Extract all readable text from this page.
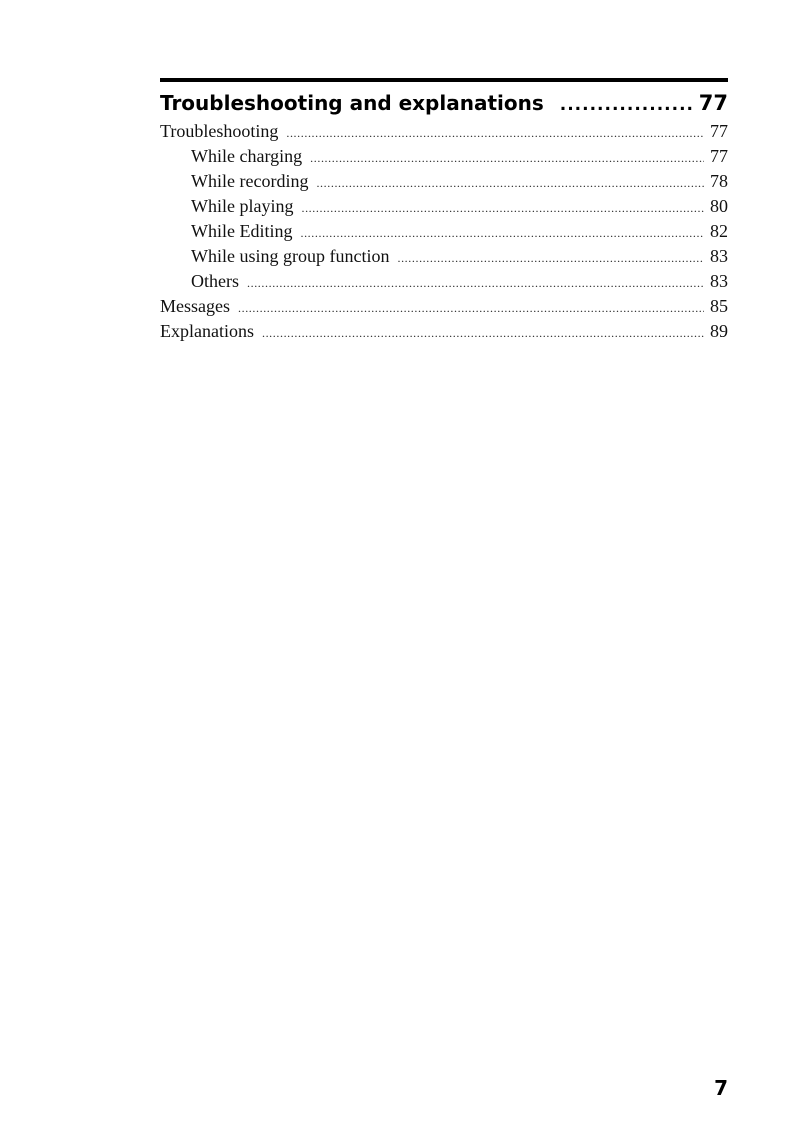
Troubleshooting and explanations .....	77
Troubleshooting .....	77
While charging .....	77
While recording .....	78
While playing .....	80
While Editing .....	82
While using group function .....	83
Others .....	83
Messages .....	85
Explanations .....	89
7
